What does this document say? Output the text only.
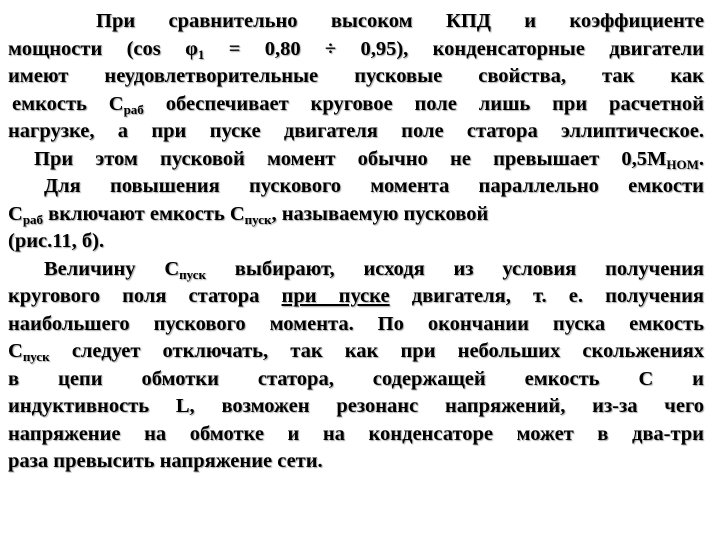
При сравнительно высоком КПД и коэффициенте
мощности (cos $\varphi_1 = 0,80 \div 0,95$), конденсаторные двигатели
имеют неудовлетворительные пусковые свойства, так как
емкость $С_{раб}$ обеспечивает круговое поле лишь при расчетной
нагрузке, а при пуске двигателя поле статора эллиптическое.
При этом пусковой момент обычно не превышает $0,5М_{НОМ}$.
Для повышения пускового момента параллельно емкости
$С_{раб}$ включают емкость $С_{пуск}$, называемую пусковой
(рис.11, б).
Величину $С_{пуск}$ выбирают, исходя из условия получения
кругового поля статора при пуске двигателя, т. е. получения
наибольшего пускового момента. По окончании пуска емкость
$С_{пуск}$ следует отключать, так как при небольших скольжениях
в цепи обмотки статора, содержащей емкость С и
индуктивность L, возможен резонанс напряжений, из-за чего
напряжение на обмотке и на конденсаторе может в два-три
раза превысить напряжение сети.
